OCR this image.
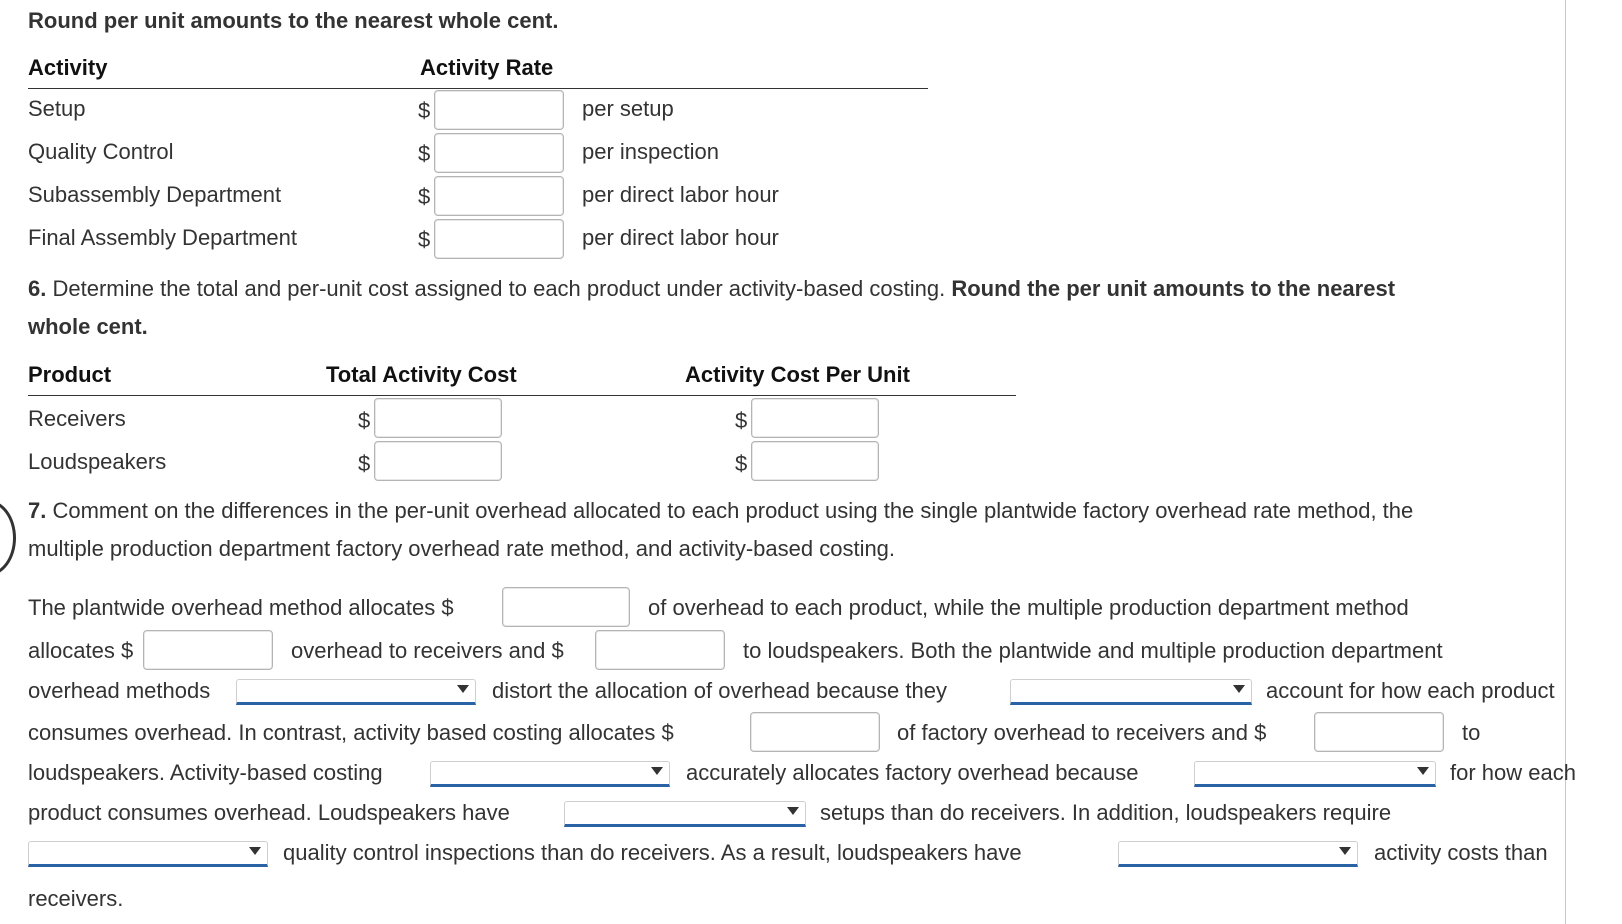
Round per unit amounts to the nearest whole cent.
Activity	Activity Rate
Setup	$	per setup
Quality Control	$	per inspection
Subassembly Department	$	per direct labor hour
Final Assembly Department	$	per direct labor hour
6. Determine the total and per-unit cost assigned to each product under activity-based costing. Round the per unit amounts to the nearest
whole cent.
Product	Total Activity Cost	Activity Cost Per Unit
Receivers	$	$
Loudspeakers	$	$
7. Comment on the differences in the per-unit overhead allocated to each product using the single plantwide factory overhead rate method, the
multiple production department factory overhead rate method, and activity-based costing.
The plantwide overhead method allocates $	of overhead to each product, while the multiple production department method
allocates $	overhead to receivers and $	to loudspeakers. Both the plantwide and multiple production department
overhead methods	distort the allocation of overhead because they	account for how each product
consumes overhead. In contrast, activity based costing allocates $	of factory overhead to receivers and $	to
loudspeakers. Activity-based costing	accurately allocates factory overhead because	for how each
product consumes overhead. Loudspeakers have	setups than do receivers. In addition, loudspeakers require
quality control inspections than do receivers. As a result, loudspeakers have	activity costs than
receivers.
